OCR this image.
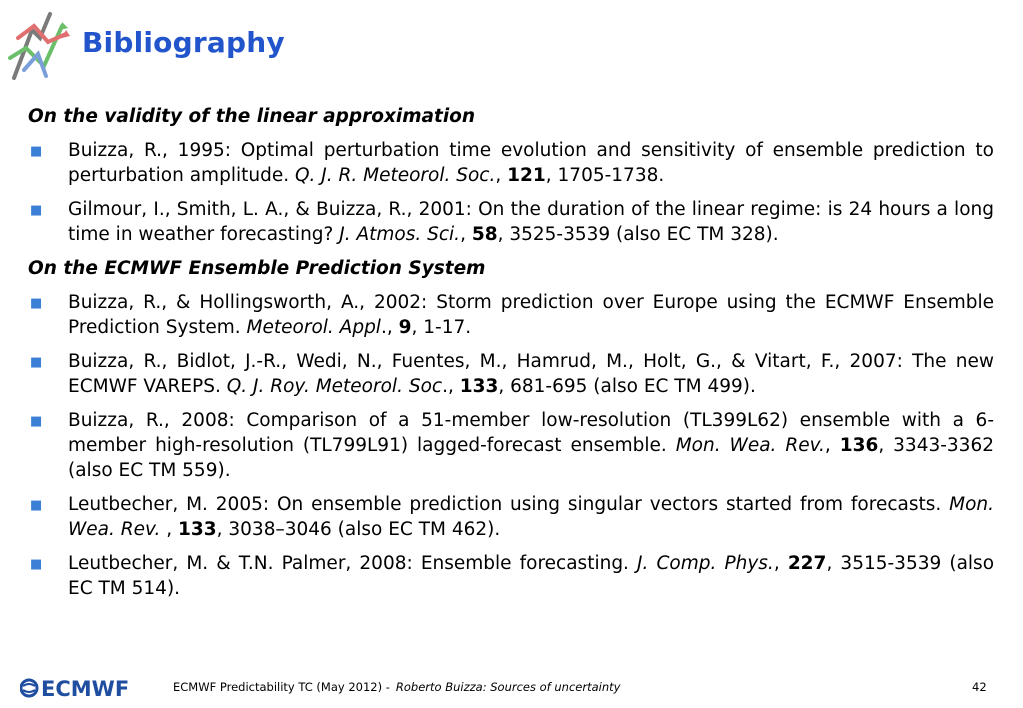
Bibliography
On the validity of the linear approximation
■ Buizza, R., 1995: Optimal perturbation time evolution and sensitivity of ensemble prediction to perturbation amplitude. Q. J. R. Meteorol. Soc., 121, 1705-1738.
■ Gilmour, I., Smith, L. A., & Buizza, R., 2001: On the duration of the linear regime: is 24 hours a long time in weather forecasting? J. Atmos. Sci., 58, 3525-3539 (also EC TM 328).
On the ECMWF Ensemble Prediction System
■ Buizza, R., & Hollingsworth, A., 2002: Storm prediction over Europe using the ECMWF Ensemble Prediction System. Meteorol. Appl., 9, 1-17.
■ Buizza, R., Bidlot, J.-R., Wedi, N., Fuentes, M., Hamrud, M., Holt, G., & Vitart, F., 2007: The new ECMWF VAREPS. Q. J. Roy. Meteorol. Soc., 133, 681-695 (also EC TM 499).
■ Buizza, R., 2008: Comparison of a 51-member low-resolution (TL399L62) ensemble with a 6-member high-resolution (TL799L91) lagged-forecast ensemble. Mon. Wea. Rev., 136, 3343-3362 (also EC TM 559).
■ Leutbecher, M. 2005: On ensemble prediction using singular vectors started from forecasts. Mon. Wea. Rev. , 133, 3038–3046 (also EC TM 462).
■ Leutbecher, M. & T.N. Palmer, 2008: Ensemble forecasting. J. Comp. Phys., 227, 3515-3539 (also EC TM 514).
ECMWF	ECMWF Predictability TC (May 2012) - Roberto Buizza: Sources of uncertainty	42
